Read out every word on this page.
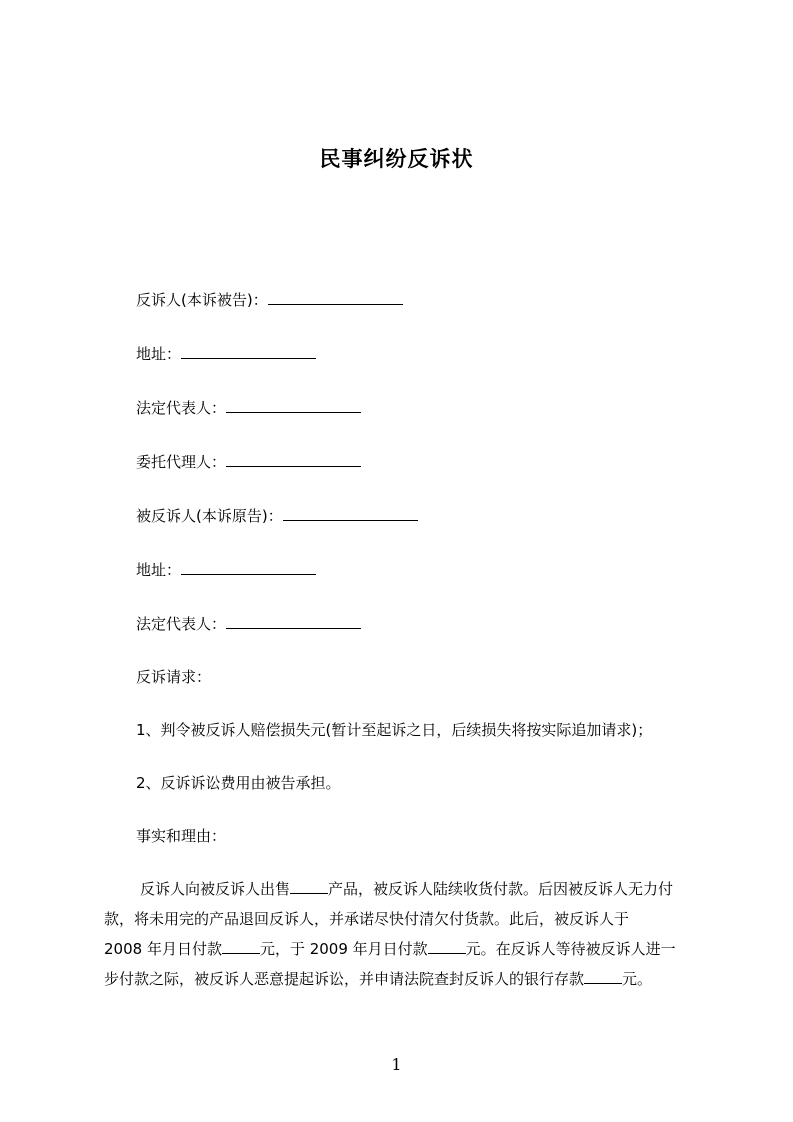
民事纠纷反诉状
反诉人(本诉被告)：
地址：
法定代表人：
委托代理人：
被反诉人(本诉原告)：
地址：
法定代表人：
反诉请求：
1、判令被反诉人赔偿损失元(暂计至起诉之日，后续损失将按实际追加请求)；
2、反诉诉讼费用由被告承担。
事实和理由：
反诉人向被反诉人出售	产品，被反诉人陆续收货付款。后因被反诉人无力付
款，将未用完的产品退回反诉人，并承诺尽快付清欠付货款。此后，被反诉人于
2008 年月日付款	元，于 2009 年月日付款	元。在反诉人等待被反诉人进一
步付款之际，被反诉人恶意提起诉讼，并申请法院查封反诉人的银行存款	元。
1
